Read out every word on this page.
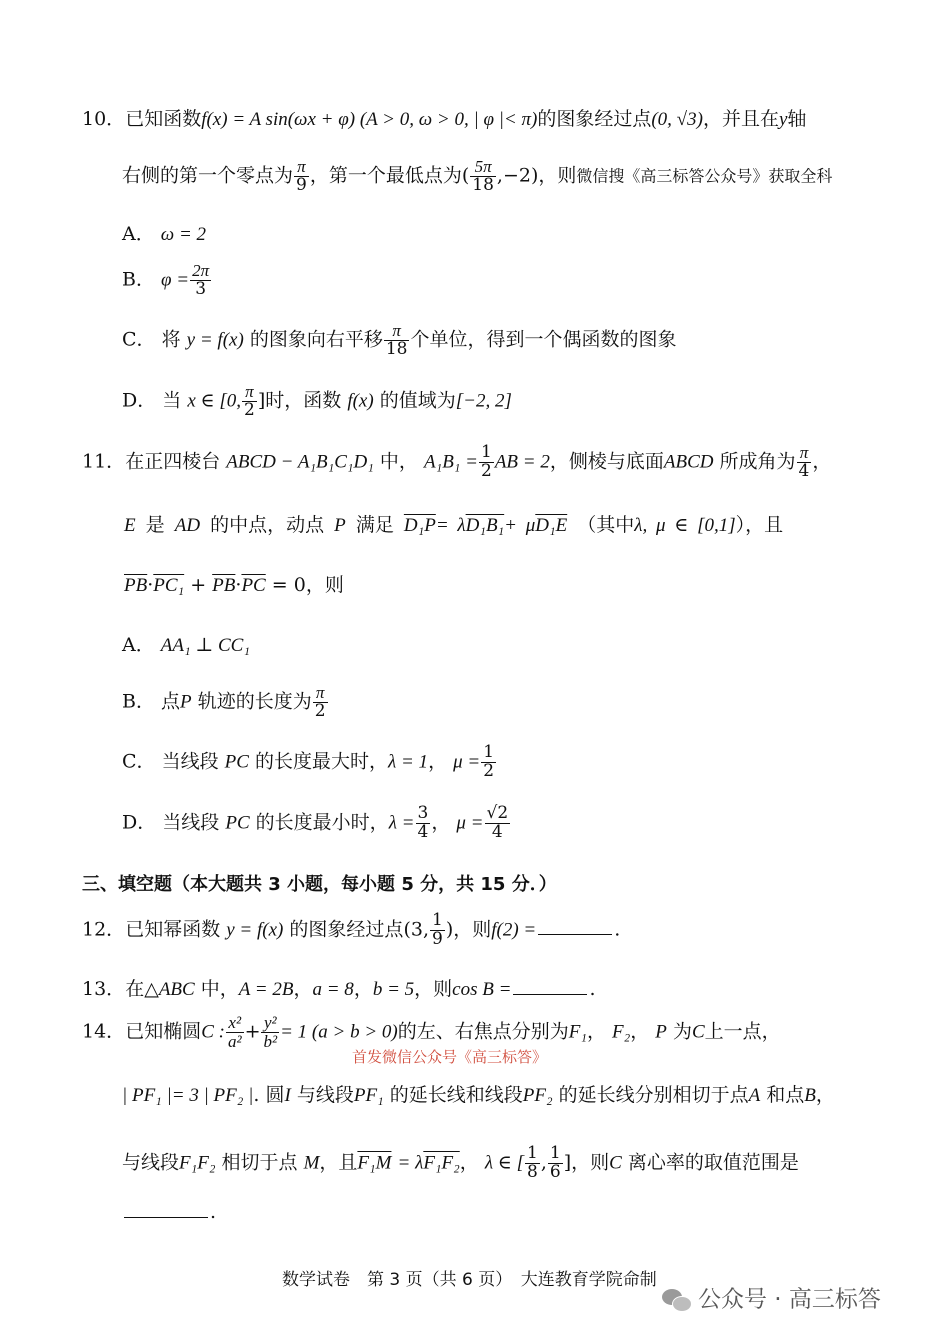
10．已知函数f(x) = A sin(ωx + φ) (A > 0, ω > 0, | φ |< π)的图象经过点(0, √3)，并且在y轴
右侧的第一个零点为 $\frac{\pi}{9}$ ，第一个最低点为( $\frac{5\pi}{18} ,-2$)，则微信搜《高三标答公众号》获取全科
A． ω = 2
B． $\varphi = \frac{2\pi}{3}$
C． 将 y = f(x) 的图象向右平移 $\frac{\pi}{18}$ 个单位，得到一个偶函数的图象
D． 当 x ∈ [0, $\frac{\pi}{2}$ ]时，函数 f(x) 的值域为[−2, 2]
11．在正四棱台 ABCD − A₁B₁C₁D₁ 中， $A_1B_1 = \frac{1}{2}$ AB = 2，侧棱与底面ABCD 所成角为 $\frac{\pi}{4}$ ，
E 是 AD 的中点，动点 P 满足 D₁P= λD₁B₁+ μD₁E （其中λ, μ ∈ [0,1]），且
$\overline{PB}\cdot PC_1 + \overline{PB}\cdot\overline{PC} = 0$，则
A． AA₁ ⊥ CC₁
B． 点P 轨迹的长度为 $\frac{\pi}{2}$
C． 当线段 PC 的长度最大时，λ = 1， $\mu = \frac{1}{2}$
D． 当线段 PC 的长度最小时，$\lambda = \frac{3}{4}$ ， $\mu = \frac{√2}{4}$
三、填空题（本大题共 3 小题，每小题 5 分，共 15 分．）
12．已知幂函数 y = f(x) 的图象经过点(3, $\frac{1}{9}$ )，则f(2) =	.
13．在△ABC 中，A = 2B，a = 8，b = 5，则cos B =	.
14．已知椭圆C : $\frac{\text{x²}}{\text{a²}} + \frac{\text{y²}}{\text{b²}} = 1$ (a > b > 0)的左、右焦点分别为F₁， F₂， P 为C上一点，
首发微信公众号《高三标答》
| PF₁ |= 3 | PF₂ |. 圆I 与线段PF₁ 的延长线和线段PF₂ 的延长线分别相切于点A 和点B，
与线段F₁F₂ 相切于点 M，且F₁M = λF₁F₂， λ ∈ [ $\frac{1}{8}$ , $\frac{1}{6}$ ]，则C 离心率的取值范围是
.
数学试卷　第 3 页（共 6 页）　大连教育学院命制
公众号 · 高三标答
